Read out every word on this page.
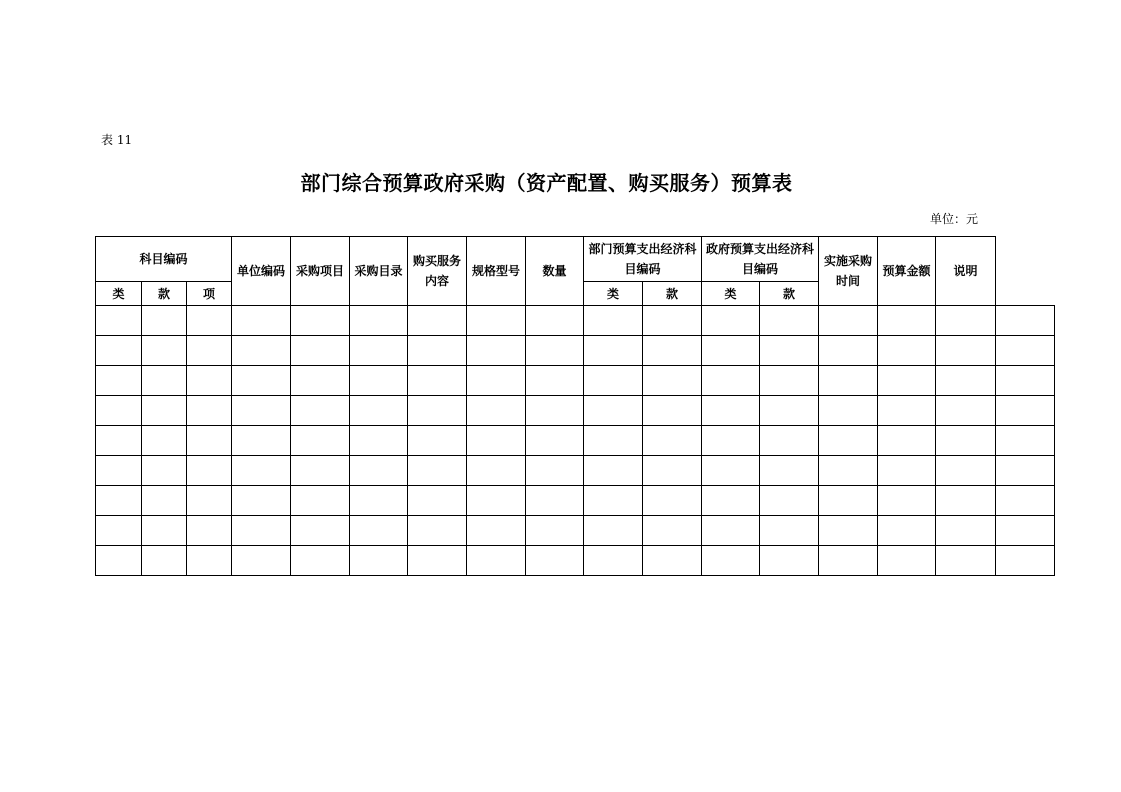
表 11
部门综合预算政府采购（资产配置、购买服务）预算表
单位：元
科目编码			单位编码	采购项目	采购目录	购买服务内容	规格型号	数量	部门预算支出经济科目编码		政府预算支出经济科目编码		实施采购时间	预算金额	说明	
类	款	项							类	款	类	款				
